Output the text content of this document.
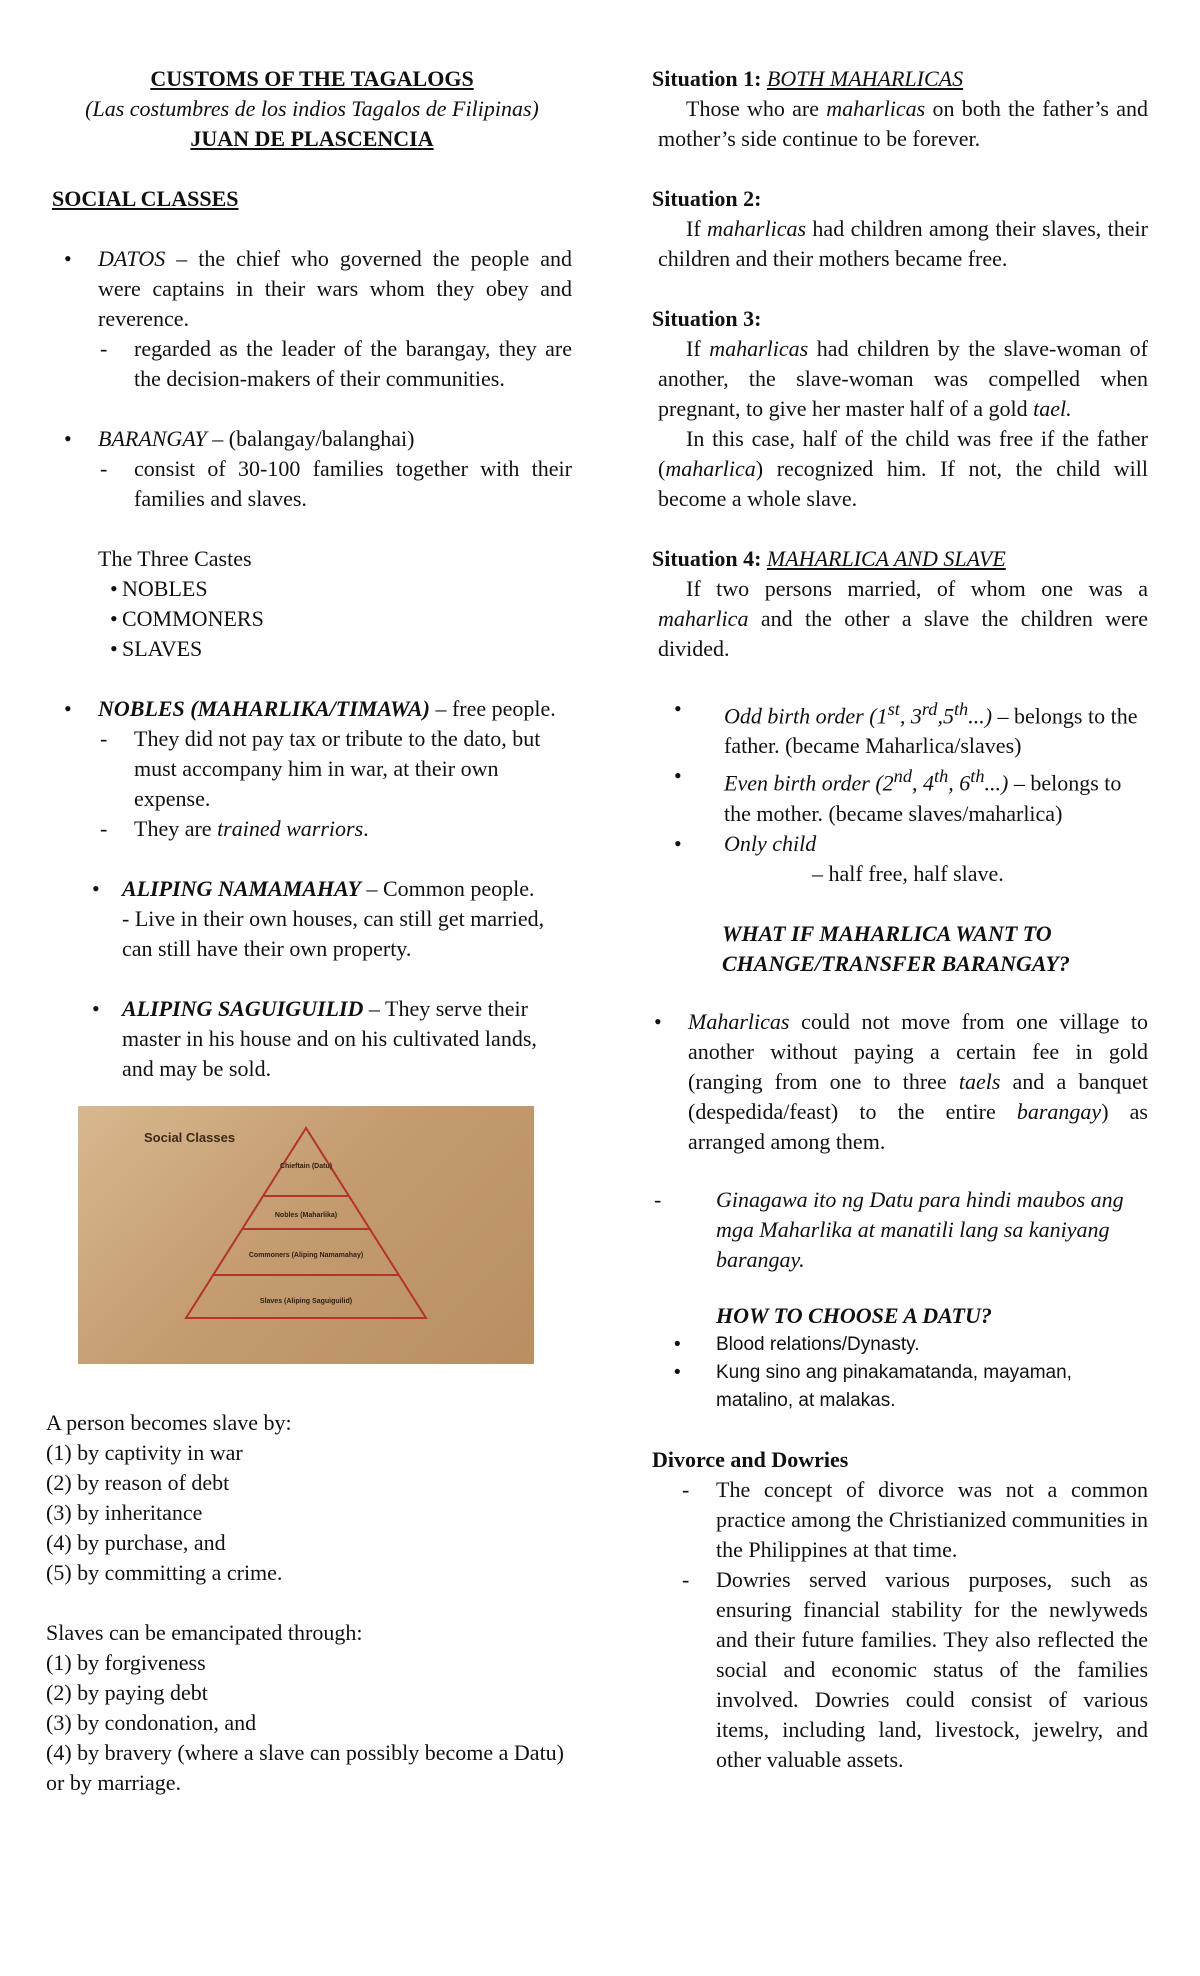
CUSTOMS OF THE TAGALOGS

(Las costumbres de los indios Tagalos de Filipinas)

JUAN DE PLASCENCIA

SOCIAL CLASSES

• DATOS – the chief who governed the people and were captains in their wars whom they obey and reverence.
- regarded as the leader of the barangay, they are the decision-makers of their communities.
• BARANGAY – (balangay/balanghai)
- consist of 30-100 families together with their families and slaves.

The Three Castes

• NOBLES
• COMMONERS
• SLAVES
• NOBLES (MAHARLIKA/TIMAWA) – free people.
- They did not pay tax or tribute to the dato, but must accompany him in war, at their own expense.
- They are trained warriors.
• ALIPING NAMAMAHAY – Common people.
- Live in their own houses, can still get married, can still have their own property.
• ALIPING SAGUIGUILID – They serve their master in his house and on his cultivated lands, and may be sold.
Social Classes
Chieftain (Datu)
Nobles (Maharlika)
Commoners (Aliping Namamahay)
Slaves (Aliping Saguiguilid)

A person becomes slave by:

(1) by captivity in war

(2) by reason of debt

(3) by inheritance

(4) by purchase, and

(5) by committing a crime.

Slaves can be emancipated through:

(1) by forgiveness

(2) by paying debt

(3) by condonation, and

(4) by bravery (where a slave can possibly become a Datu) or by marriage.

Situation 1: BOTH MAHARLICAS

Those who are maharlicas on both the father’s and mother’s side continue to be forever.

Situation 2:

If maharlicas had children among their slaves, their children and their mothers became free.

Situation 3:

If maharlicas had children by the slave-woman of another, the slave-woman was compelled when pregnant, to give her master half of a gold tael.

In this case, half of the child was free if the father (maharlica) recognized him. If not, the child will become a whole slave.

Situation 4: MAHARLICA AND SLAVE

If two persons married, of whom one was a maharlica and the other a slave the children were divided.

• Odd birth order (1st, 3rd,5th...) – belongs to the father. (became Maharlica/slaves)
• Even birth order (2nd, 4th, 6th...) – belongs to the mother. (became slaves/maharlica)
• Only child
– half free, half slave.

WHAT IF MAHARLICA WANT TO

CHANGE/TRANSFER BARANGAY?

• Maharlicas could not move from one village to another without paying a certain fee in gold (ranging from one to three taels and a banquet (despedida/feast) to the entire barangay) as arranged among them.
- Ginagawa ito ng Datu para hindi maubos ang mga Maharlika at manatili lang sa kaniyang barangay.

HOW TO CHOOSE A DATU?

• Blood relations/Dynasty.
• Kung sino ang pinakamatanda, mayaman, matalino, at malakas.

Divorce and Dowries

- The concept of divorce was not a common practice among the Christianized communities in the Philippines at that time.
- Dowries served various purposes, such as ensuring financial stability for the newlyweds and their future families. They also reflected the social and economic status of the families involved. Dowries could consist of various items, including land, livestock, jewelry, and other valuable assets.
